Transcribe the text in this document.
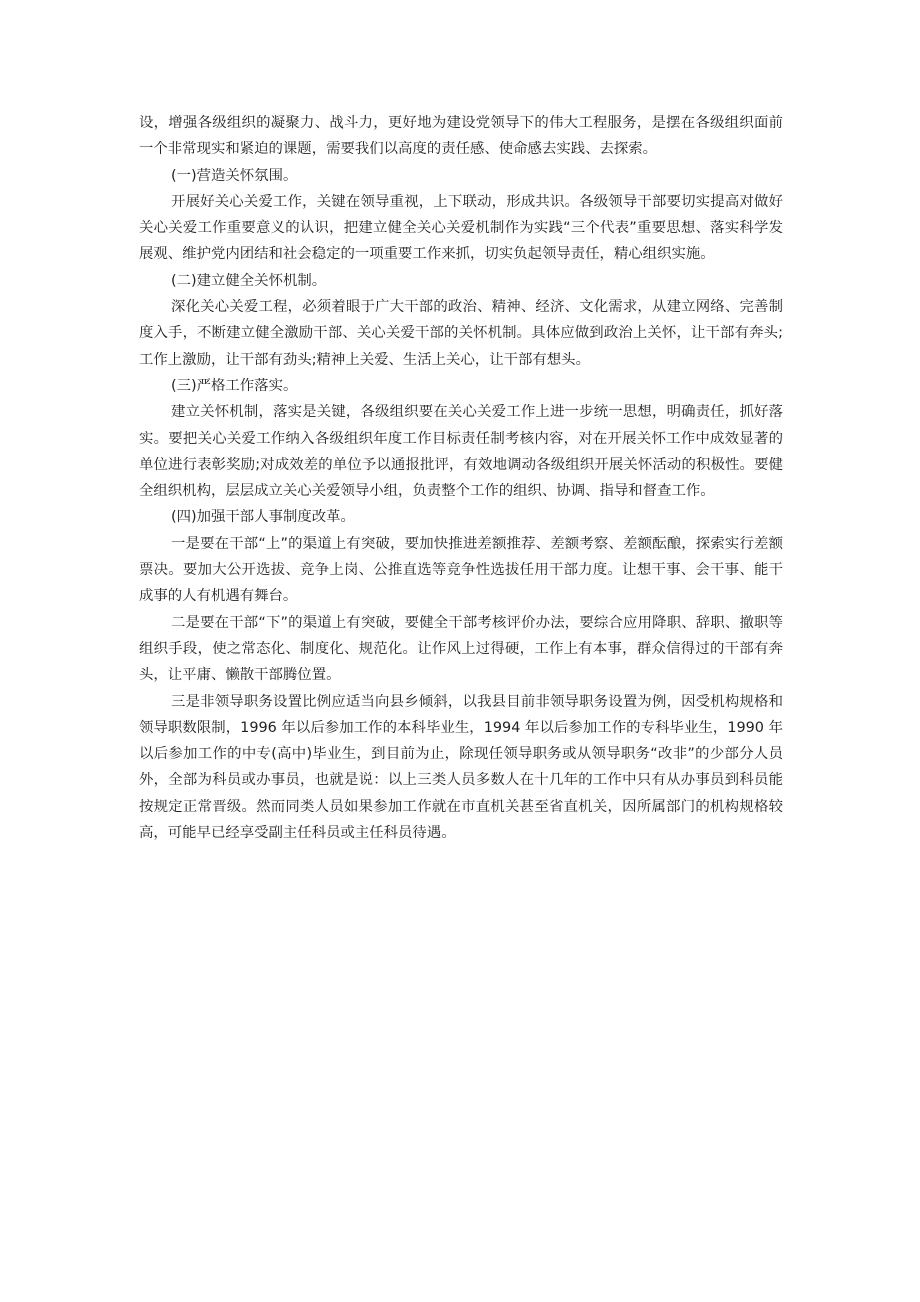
设，增强各级组织的凝聚力、战斗力，更好地为建设党领导下的伟大工程服务，是摆在各级组织面前一个非常现实和紧迫的课题，需要我们以高度的责任感、使命感去实践、去探索。

(一)营造关怀氛围。

开展好关心关爱工作，关键在领导重视，上下联动，形成共识。各级领导干部要切实提高对做好关心关爱工作重要意义的认识，把建立健全关心关爱机制作为实践“三个代表”重要思想、落实科学发展观、维护党内团结和社会稳定的一项重要工作来抓，切实负起领导责任，精心组织实施。

(二)建立健全关怀机制。

深化关心关爱工程，必须着眼于广大干部的政治、精神、经济、文化需求，从建立网络、完善制度入手，不断建立健全激励干部、关心关爱干部的关怀机制。具体应做到政治上关怀，让干部有奔头;工作上激励，让干部有劲头;精神上关爱、生活上关心，让干部有想头。

(三)严格工作落实。

建立关怀机制，落实是关键，各级组织要在关心关爱工作上进一步统一思想，明确责任，抓好落实。要把关心关爱工作纳入各级组织年度工作目标责任制考核内容，对在开展关怀工作中成效显著的单位进行表彰奖励;对成效差的单位予以通报批评，有效地调动各级组织开展关怀活动的积极性。要健全组织机构，层层成立关心关爱领导小组，负责整个工作的组织、协调、指导和督查工作。

(四)加强干部人事制度改革。

一是要在干部“上”的渠道上有突破，要加快推进差额推荐、差额考察、差额酝酿，探索实行差额票决。要加大公开选拔、竞争上岗、公推直选等竞争性选拔任用干部力度。让想干事、会干事、能干成事的人有机遇有舞台。

二是要在干部“下”的渠道上有突破，要健全干部考核评价办法，要综合应用降职、辞职、撤职等组织手段，使之常态化、制度化、规范化。让作风上过得硬，工作上有本事，群众信得过的干部有奔头，让平庸、懒散干部腾位置。

三是非领导职务设置比例应适当向县乡倾斜，以我县目前非领导职务设置为例，因受机构规格和领导职数限制，1996 年以后参加工作的本科毕业生，1994 年以后参加工作的专科毕业生，1990 年以后参加工作的中专(高中)毕业生，到目前为止，除现任领导职务或从领导职务“改非”的少部分人员外，全部为科员或办事员，也就是说：以上三类人员多数人在十几年的工作中只有从办事员到科员能按规定正常晋级。然而同类人员如果参加工作就在市直机关甚至省直机关，因所属部门的机构规格较高，可能早已经享受副主任科员或主任科员待遇。
